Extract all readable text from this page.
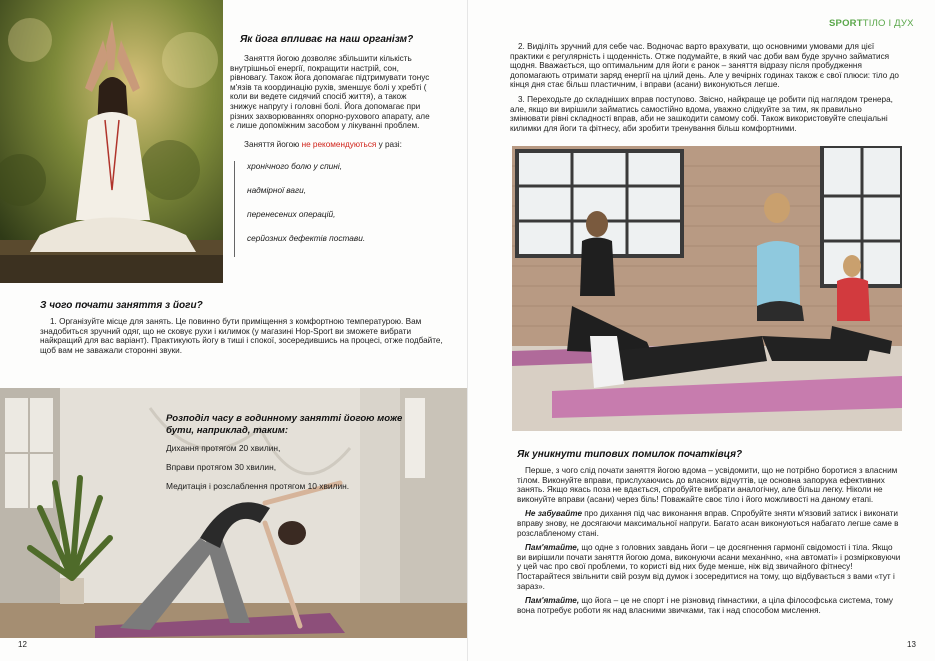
Як йога впливає на наш організм?
Заняття йогою дозволяє збільшити кількість внутрішньої енергії, покращити настрій, сон, рівновагу. Також йога допомагає підтримувати тонус м'язів та координацію рухів, зменшує болі у хребті ( коли ви ведете сидячий спосіб життя), а також знижує напругу і головні болі. Йога допомагає при різних захворюваннях опорно-рухового апарату, але є лише допоміжним засобом у лікуванні проблем.
Заняття йогою не рекомендуються у разі:
хронічного болю у спині,
надмірної ваги,
перенесених операцій,
серйозних дефектів постави.
З чого почати заняття з йоги?
1. Організуйте місце для занять. Це повинно бути приміщення з комфортною температурою. Вам знадобиться зручний одяг, що не сковує рухи і килимок (у магазині Hop-Sport ви зможете вибрати найкращий для вас варіант). Практикують йогу в тиші і спокої, зосередившись на процесі, отже подбайте, щоб вам не заважали сторонні звуки.
Розподіл часу в годинному занятті йогою може бути, наприклад, таким:
Дихання протягом 20 хвилин,
Вправи протягом 30 хвилин,
Медитація і розслаблення протягом 10 хвилин.
12
SPORTТІЛО І ДУХ
2. Виділіть зручний для себе час. Водночас варто врахувати, що основними умовами для цієї практики є регулярність і щоденність. Отже подумайте, в який час доби вам буде зручно займатися щодня. Вважається, що оптимальним для йоги є ранок – заняття відразу після пробудження допомагають отримати заряд енергії на цілий день. Але у вечірніх годинах також є свої плюси: тіло до кінця дня стає більш пластичним, і вправи (асани) виконуються легше.
3. Переходьте до складніших вправ поступово. Звісно, найкраще це робити під наглядом тренера, але, якщо ви вирішили займатись самостійно вдома, уважно слідкуйте за тим, як правильно змінювати рівні складності вправ, аби не зашкодити самому собі. Також використовуйте спеціальні килимки для йоги та фітнесу, аби зробити тренування більш комфортними.
Як уникнути типових помилок початківця?
Перше, з чого слід почати заняття йогою вдома – усвідомити, що не потрібно боротися з власним тілом. Виконуйте вправи, прислухаючись до власних відчуттів, це основна запорука ефективних занять. Якщо якась поза не вдається, спробуйте вибрати аналогічну, але більш легку. Ніколи не виконуйте вправи (асани) через біль! Поважайте своє тіло і його можливості на даному етапі.
Не забувайте про дихання під час виконання вправ. Спробуйте зняти м'язовий затиск і виконати вправу знову, не досягаючи максимальної напруги. Багато асан виконуються набагато легше саме в розслабленому стані.
Пам'ятайте, що одне з головних завдань йоги – це досягнення гармонії свідомості і тіла. Якщо ви вирішили почати заняття йогою дома, виконуючи асани механічно, «на автоматі» і розмірковуючи у цей час про свої проблеми, то користі від них буде менше, ніж від звичайного фітнесу! Постарайтеся звільнити свій розум від думок і зосередитися на тому, що відбувається з вами «тут і зараз».
Пам'ятайте, що йога – це не спорт і не різновид гімнастики, а ціла філософська система, тому вона потребує роботи як над власними звичками, так і над способом мислення.
13
